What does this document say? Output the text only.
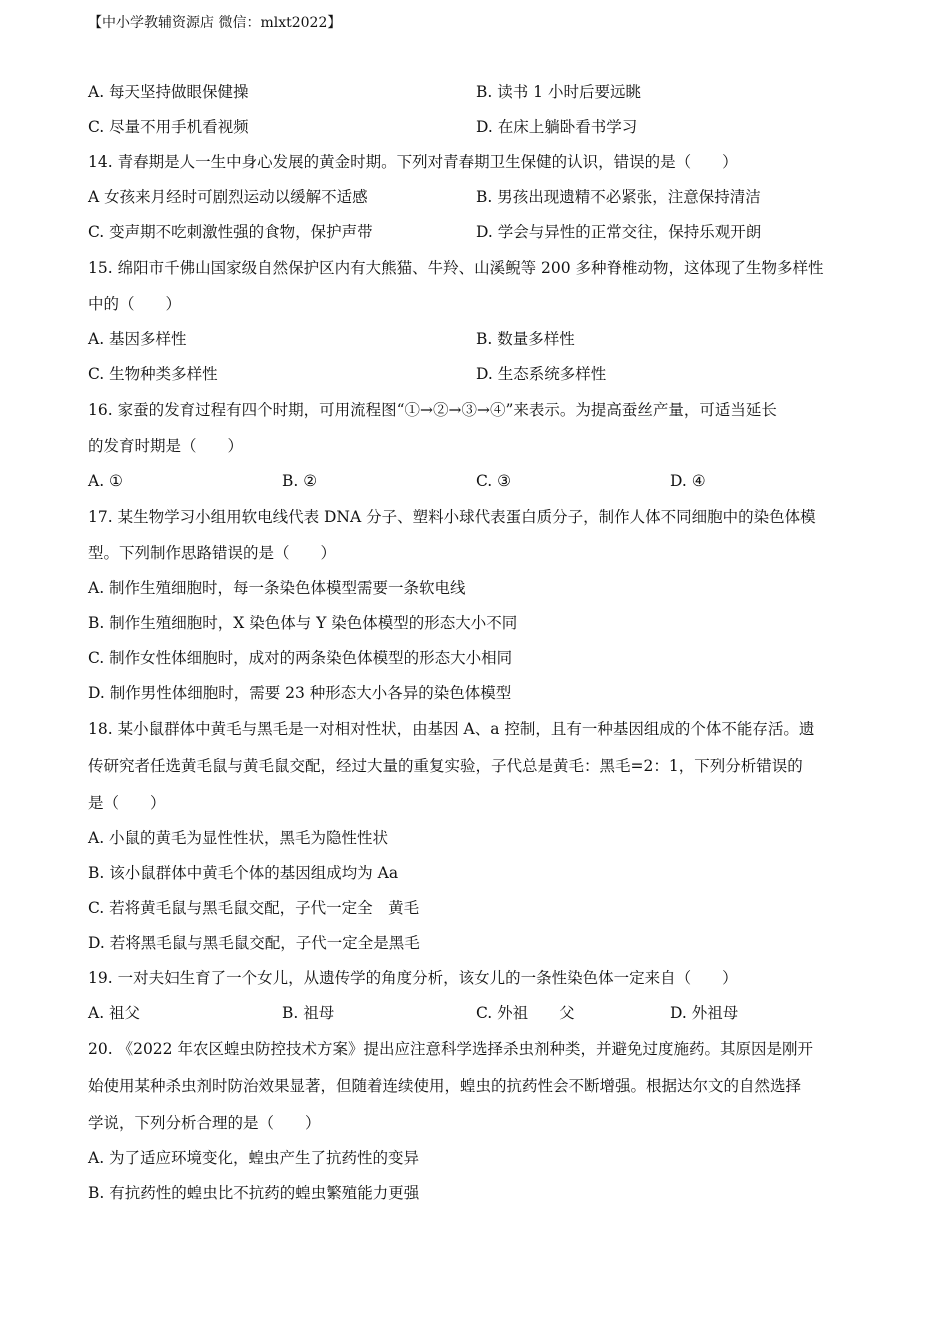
【中小学教辅资源店 微信：mlxt2022】
A. 每天坚持做眼保健操	B. 读书 1 小时后要远眺
C. 尽量不用手机看视频	D. 在床上躺卧看书学习
14. 青春期是人一生中身心发展的黄金时期。下列对青春期卫生保健的认识，错误的是（　　）
A 女孩来月经时可剧烈运动以缓解不适感	B. 男孩出现遗精不必紧张，注意保持清洁
C. 变声期不吃刺激性强的食物，保护声带	D. 学会与异性的正常交往，保持乐观开朗
15. 绵阳市千佛山国家级自然保护区内有大熊猫、牛羚、山溪鲵等 200 多种脊椎动物，这体现了生物多样性
中的（　　）
A. 基因多样性	B. 数量多样性
C. 生物种类多样性	D. 生态系统多样性
16. 家蚕的发育过程有四个时期，可用流程图“①→②→③→④”来表示。为提高蚕丝产量，可适当延长
的发育时期是（　　）
A. ①	B. ②	C. ③	D. ④
17. 某生物学习小组用软电线代表 DNA 分子、塑料小球代表蛋白质分子，制作人体不同细胞中的染色体模
型。下列制作思路错误的是（　　）
A. 制作生殖细胞时，每一条染色体模型需要一条软电线
B. 制作生殖细胞时，X 染色体与 Y 染色体模型的形态大小不同
C. 制作女性体细胞时，成对的两条染色体模型的形态大小相同
D. 制作男性体细胞时，需要 23 种形态大小各异的染色体模型
18. 某小鼠群体中黄毛与黑毛是一对相对性状，由基因 A、a 控制，且有一种基因组成的个体不能存活。遗
传研究者任选黄毛鼠与黄毛鼠交配，经过大量的重复实验，子代总是黄毛：黑毛=2：1，下列分析错误的
是（　　）
A. 小鼠的黄毛为显性性状，黑毛为隐性性状
B. 该小鼠群体中黄毛个体的基因组成均为 Aa
C. 若将黄毛鼠与黑毛鼠交配，子代一定全　黄毛
D. 若将黑毛鼠与黑毛鼠交配，子代一定全是黑毛
19. 一对夫妇生育了一个女儿，从遗传学的角度分析，该女儿的一条性染色体一定来自（　　）
A. 祖父	B. 祖母	C. 外祖　　父	D. 外祖母
20. 《2022 年农区蝗虫防控技术方案》提出应注意科学选择杀虫剂种类，并避免过度施药。其原因是刚开
始使用某种杀虫剂时防治效果显著，但随着连续使用，蝗虫的抗药性会不断增强。根据达尔文的自然选择
学说，下列分析合理的是（　　）
A. 为了适应环境变化，蝗虫产生了抗药性的变异
B. 有抗药性的蝗虫比不抗药的蝗虫繁殖能力更强
